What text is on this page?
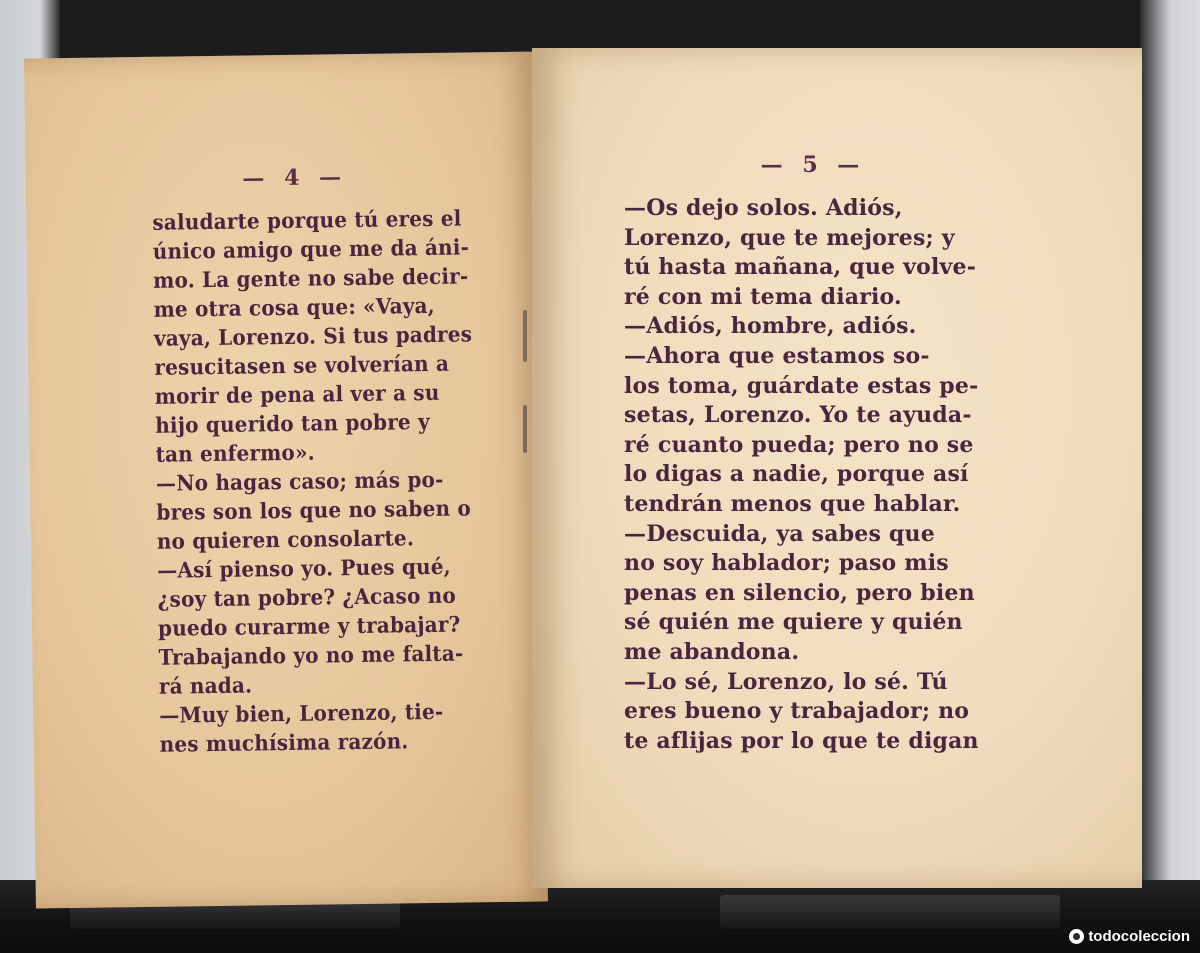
— 4 —
saludarte porque tú eres el
único amigo que me da áni-
mo. La gente no sabe decir-
me otra cosa que: «Vaya,
vaya, Lorenzo. Si tus padres
resucitasen se volverían a
morir de pena al ver a su
hijo querido tan pobre y
tan enfermo».
—No hagas caso; más po-
bres son los que no saben o
no quieren consolarte.
—Así pienso yo. Pues qué,
¿soy tan pobre? ¿Acaso no
puedo curarme y trabajar?
Trabajando yo no me falta-
rá nada.
—Muy bien, Lorenzo, tie-
nes muchísima razón.
— 5 —
—Os dejo solos. Adiós,
Lorenzo, que te mejores; y
tú hasta mañana, que volve-
ré con mi tema diario.
—Adiós, hombre, adiós.
—Ahora que estamos so-
los toma, guárdate estas pe-
setas, Lorenzo. Yo te ayuda-
ré cuanto pueda; pero no se
lo digas a nadie, porque así
tendrán menos que hablar.
—Descuida, ya sabes que
no soy hablador; paso mis
penas en silencio, pero bien
sé quién me quiere y quién
me abandona.
—Lo sé, Lorenzo, lo sé. Tú
eres bueno y trabajador; no
te aflijas por lo que te digan
todocoleccion
